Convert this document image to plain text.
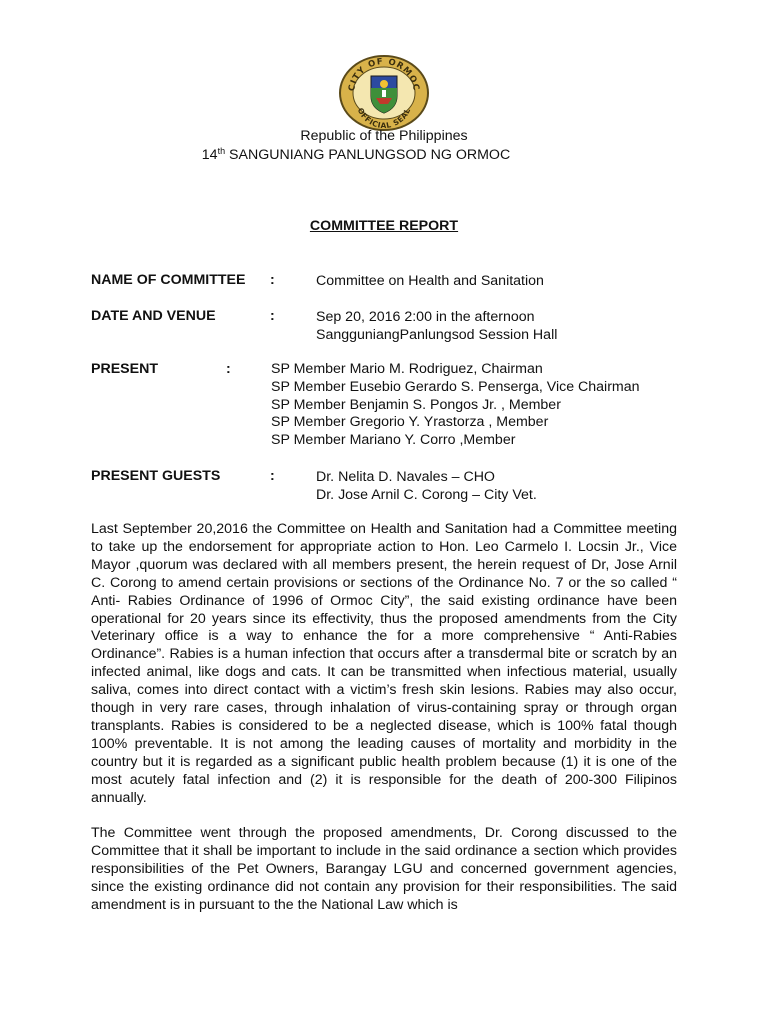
CITY OF ORMOC
OFFICIAL SEAL
Republic of the Philippines
14th SANGUNIANG PANLUNGSOD NG ORMOC
COMMITTEE REPORT
NAME OF COMMITTEE :	Committee on Health and Sanitation
DATE AND VENUE	:	Sep 20, 2016 2:00 in the afternoon
SangguniangPanlungsod Session Hall
PRESENT	:	SP Member Mario M. Rodriguez, Chairman
SP Member Eusebio Gerardo S. Penserga, Vice Chairman
SP Member Benjamin S. Pongos Jr. , Member
SP Member Gregorio Y. Yrastorza , Member
SP Member Mariano Y. Corro ,Member
PRESENT GUESTS	:	Dr. Nelita D. Navales – CHO
Dr. Jose Arnil C. Corong – City Vet.

Last September 20,2016 the Committee on Health and Sanitation had a Committee meeting to take up the endorsement for appropriate action to Hon. Leo Carmelo I. Locsin Jr., Vice Mayor ,quorum was declared with all members present, the herein request of Dr, Jose Arnil C. Corong to amend certain provisions or sections of the Ordinance No. 7 or the so called “ Anti- Rabies Ordinance of 1996 of Ormoc City”, the said existing ordinance have been operational for 20 years since its effectivity, thus the proposed amendments from the City Veterinary office is a way to enhance the for a more comprehensive “ Anti-Rabies Ordinance”. Rabies is a human infection that occurs after a transdermal bite or scratch by an infected animal, like dogs and cats. It can be transmitted when infectious material, usually saliva, comes into direct contact with a victim’s fresh skin lesions. Rabies may also occur, though in very rare cases, through inhalation of virus-containing spray or through organ transplants. Rabies is considered to be a neglected disease, which is 100% fatal though 100% preventable. It is not among the leading causes of mortality and morbidity in the country but it is regarded as a significant public health problem because (1) it is one of the most acutely fatal infection and (2) it is responsible for the death of 200-300 Filipinos annually.

The Committee went through the proposed amendments, Dr. Corong discussed to the Committee that it shall be important to include in the said ordinance a section which provides responsibilities of the Pet Owners, Barangay LGU and concerned government agencies, since the existing ordinance did not contain any provision for their responsibilities. The said amendment is in pursuant to the the National Law which is
